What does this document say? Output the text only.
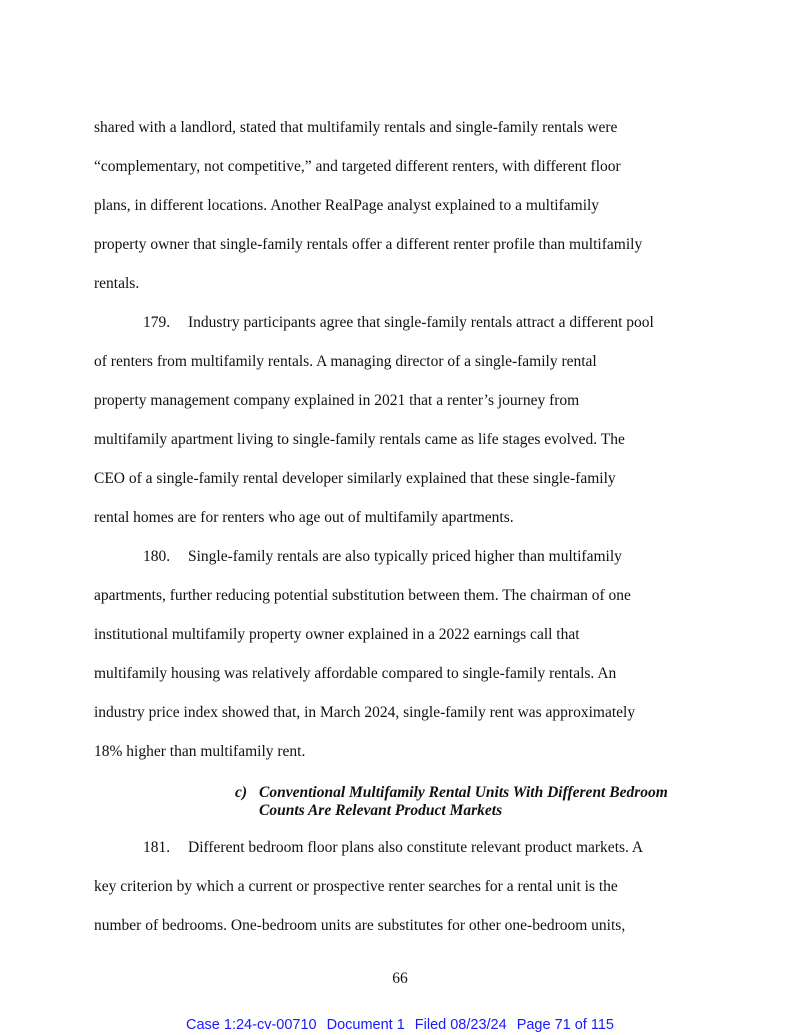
shared with a landlord, stated that multifamily rentals and single-family rentals were
“complementary, not competitive,” and targeted different renters, with different floor
plans, in different locations. Another RealPage analyst explained to a multifamily
property owner that single-family rentals offer a different renter profile than multifamily
rentals.
179. Industry participants agree that single-family rentals attract a different pool
of renters from multifamily rentals. A managing director of a single-family rental
property management company explained in 2021 that a renter’s journey from
multifamily apartment living to single-family rentals came as life stages evolved. The
CEO of a single-family rental developer similarly explained that these single-family
rental homes are for renters who age out of multifamily apartments.
180. Single-family rentals are also typically priced higher than multifamily
apartments, further reducing potential substitution between them. The chairman of one
institutional multifamily property owner explained in a 2022 earnings call that
multifamily housing was relatively affordable compared to single-family rentals. An
industry price index showed that, in March 2024, single-family rent was approximately
18% higher than multifamily rent.
181. Different bedroom floor plans also constitute relevant product markets. A
key criterion by which a current or prospective renter searches for a rental unit is the
number of bedrooms. One-bedroom units are substitutes for other one-bedroom units,
c) Conventional Multifamily Rental Units With Different Bedroom
Counts Are Relevant Product Markets
66
Case 1:24-cv-00710 Document 1 Filed 08/23/24 Page 71 of 115
